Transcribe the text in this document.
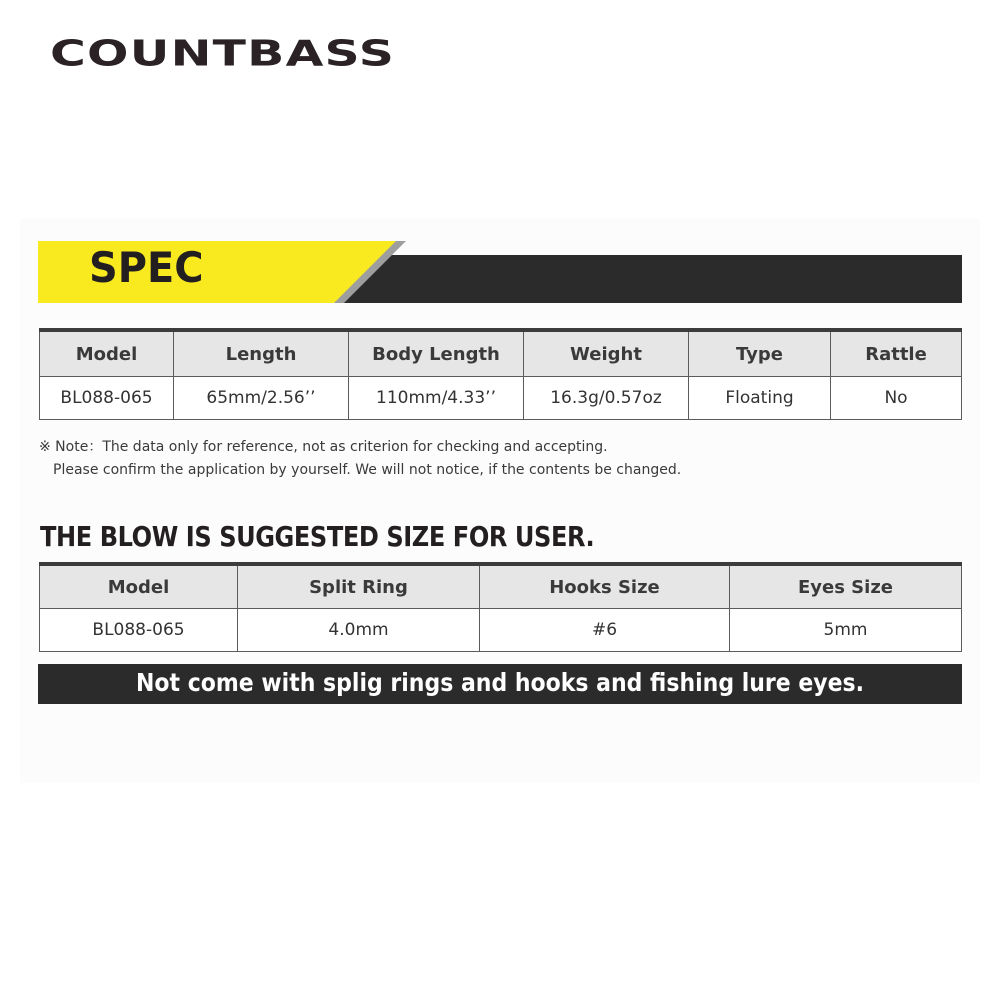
COUNTBASS
SPEC
Model	Length	Body Length	Weight	Type	Rattle
BL088-065	65mm/2.56’’	110mm/4.33’’	16.3g/0.57oz	Floating	No
※ Note：The data only for reference, not as criterion for checking and accepting.
Please confirm the application by yourself. We will not notice, if the contents be changed.
THE BLOW IS SUGGESTED SIZE FOR USER.
Model	Split Ring	Hooks Size	Eyes Size
BL088-065	4.0mm	#6	5mm
Not come with splig rings and hooks and fishing lure eyes.
